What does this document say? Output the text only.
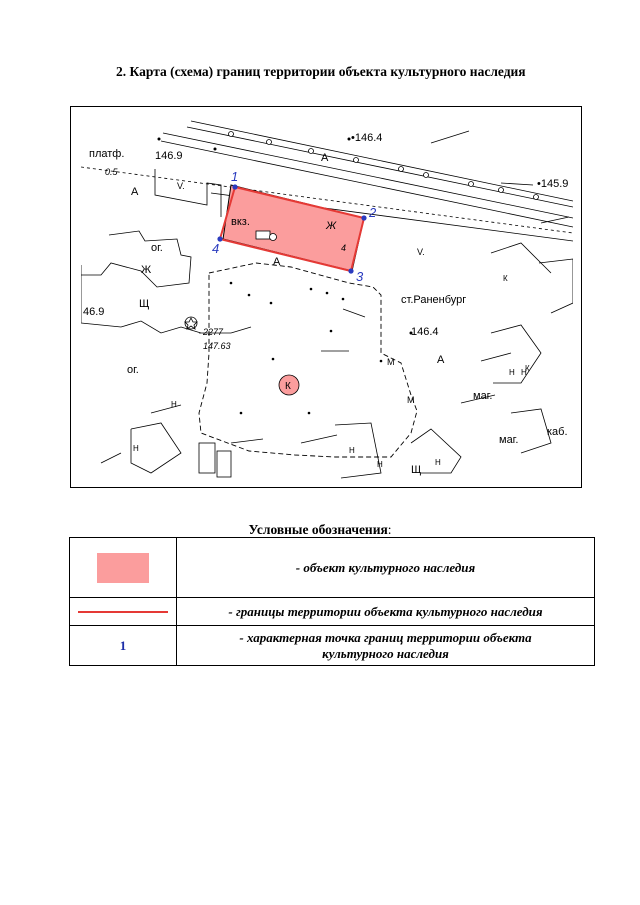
2. Карта (схема) границ территории объекта культурного наследия
1
2
3
4
К
платф.	146.9
0.5
•146.4
•145.9
146.4
46.9
ог.
ог.
вкз.
ст.Раненбург
маг.
маг.
каб.
2277
147.63
Ж
Ж
4
А
А
А
А
М
М
Щ
Щ
Н Н
Н
Н	Н
Н
Н
К
К
V.
V.
Условные обозначения:
	- объект культурного наследия
	- границы территории объекта культурного наследия
1	- характерная точка границ территории объекта
культурного наследия
